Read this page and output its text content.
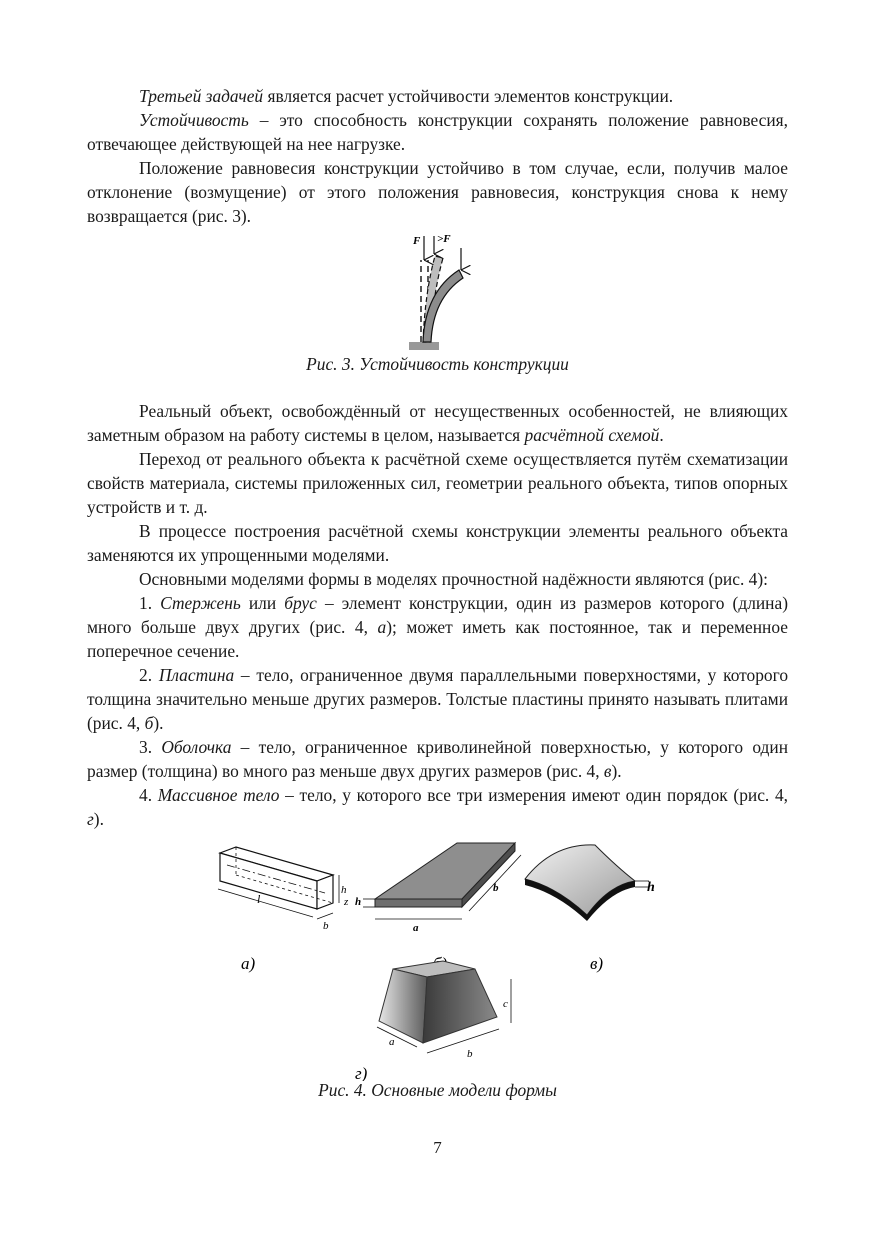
Третьей задачей является расчет устойчивости элементов конструкции.

Устойчивость – это способность конструкции сохранять положение равновесия, отвечающее действующей на нее нагрузке.

Положение равновесия конструкции устойчиво в том случае, если, получив малое отклонение (возмущение) от этого положения равновесия, конструкция снова к нему возвращается (рис. 3).

F >F
Рис. 3. Устойчивость конструкции

Реальный объект, освобождённый от несущественных особенностей, не влияющих заметным образом на работу системы в целом, называется расчётной схемой.

Переход от реального объекта к расчётной схеме осуществляется путём схематизации свойств материала, системы приложенных сил, геометрии реального объекта, типов опорных устройств и т. д.

В процессе построения расчётной схемы конструкции элементы реального объекта заменяются их упрощенными моделями.

Основными моделями формы в моделях прочностной надёжности являются (рис. 4):

1. Стержень или брус – элемент конструкции, один из размеров которого (длина) много больше двух других (рис. 4, а); может иметь как постоянное, так и переменное поперечное сечение.

2. Пластина – тело, ограниченное двумя параллельными поверхностями, у которого толщина значительно меньше других размеров. Толстые пластины принято называть плитами (рис. 4, б).

3. Оболочка – тело, ограниченное криволинейной поверхностью, у которого один размер (толщина) во много раз меньше двух других размеров (рис. 4, в).

4. Массивное тело – тело, у которого все три измерения имеют один порядок (рис. 4, г).

l
b
h
а)
a
b
z h
h
в)
c
a
b
г)
Рис. 4. Основные модели формы
7
